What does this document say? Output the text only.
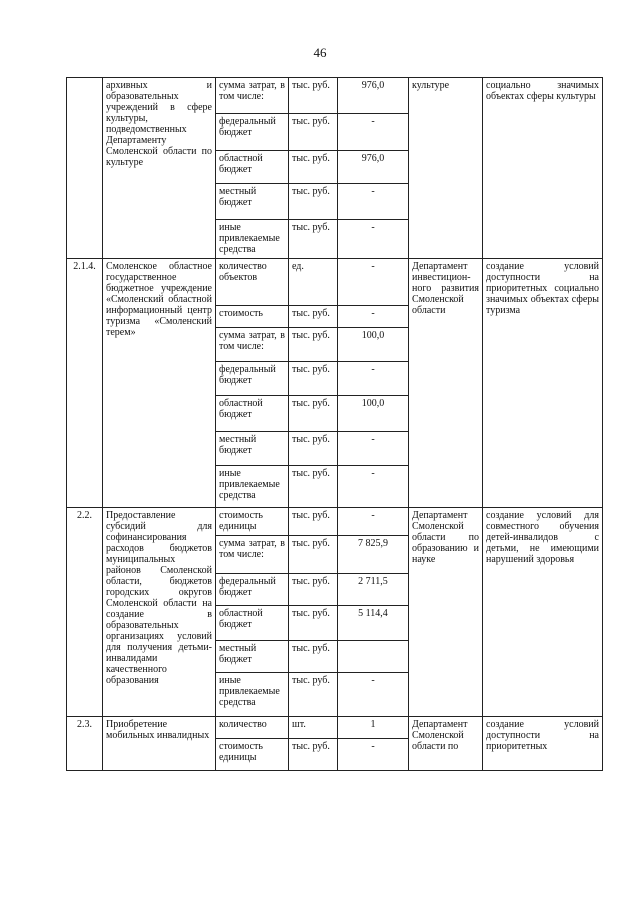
46
	архивных и образовательных учреждений в сфере культуры, подведомственных Департаменту Смоленской области по культуре	сумма затрат, в том числе:	тыс. руб.	976,0	культуре	социально значимых объектах сферы культуры
		федеральный бюджет	тыс. руб.	-		
		областной бюджет	тыс. руб.	976,0		
		местный бюджет	тыс. руб.	-		
		иные привлекаемые средства	тыс. руб.	-		
2.1.4.	Смоленское областное государственное бюджетное учреждение «Смоленский областной информационный центр туризма «Смоленский терем»	количество объектов	ед.	-	Департамент инвестицион-ного развития Смоленской области	создание условий доступности на приоритетных социально значимых объектах сферы туризма
		стоимость	тыс. руб.	-		
		сумма затрат, в том числе:	тыс. руб.	100,0		
		федеральный бюджет	тыс. руб.	-		
		областной бюджет	тыс. руб.	100,0		
		местный бюджет	тыс. руб.	-		
		иные привлекаемые средства	тыс. руб.	-		
2.2.	Предоставление субсидий для софинансирования расходов бюджетов муниципальных районов Смоленской области, бюджетов городских округов Смоленской области на создание в образовательных организациях условий для получения детьми-инвалидами качественного образования	стоимость единицы	тыс. руб.	-	Департамент Смоленской области по образованию и науке	создание условий для совместного обучения детей-инвалидов с детьми, не имеющими нарушений здоровья
		сумма затрат, в том числе:	тыс. руб.	7 825,9		
		федеральный бюджет	тыс. руб.	2 711,5		
		областной бюджет	тыс. руб.	5 114,4		
		местный бюджет	тыс. руб.			
		иные привлекаемые средства	тыс. руб.	-		
2.3.	Приобретение мобильных инвалидных	количество	шт.	1	Департамент Смоленской области по	создание условий доступности на приоритетных
		стоимость единицы	тыс. руб.	-		
